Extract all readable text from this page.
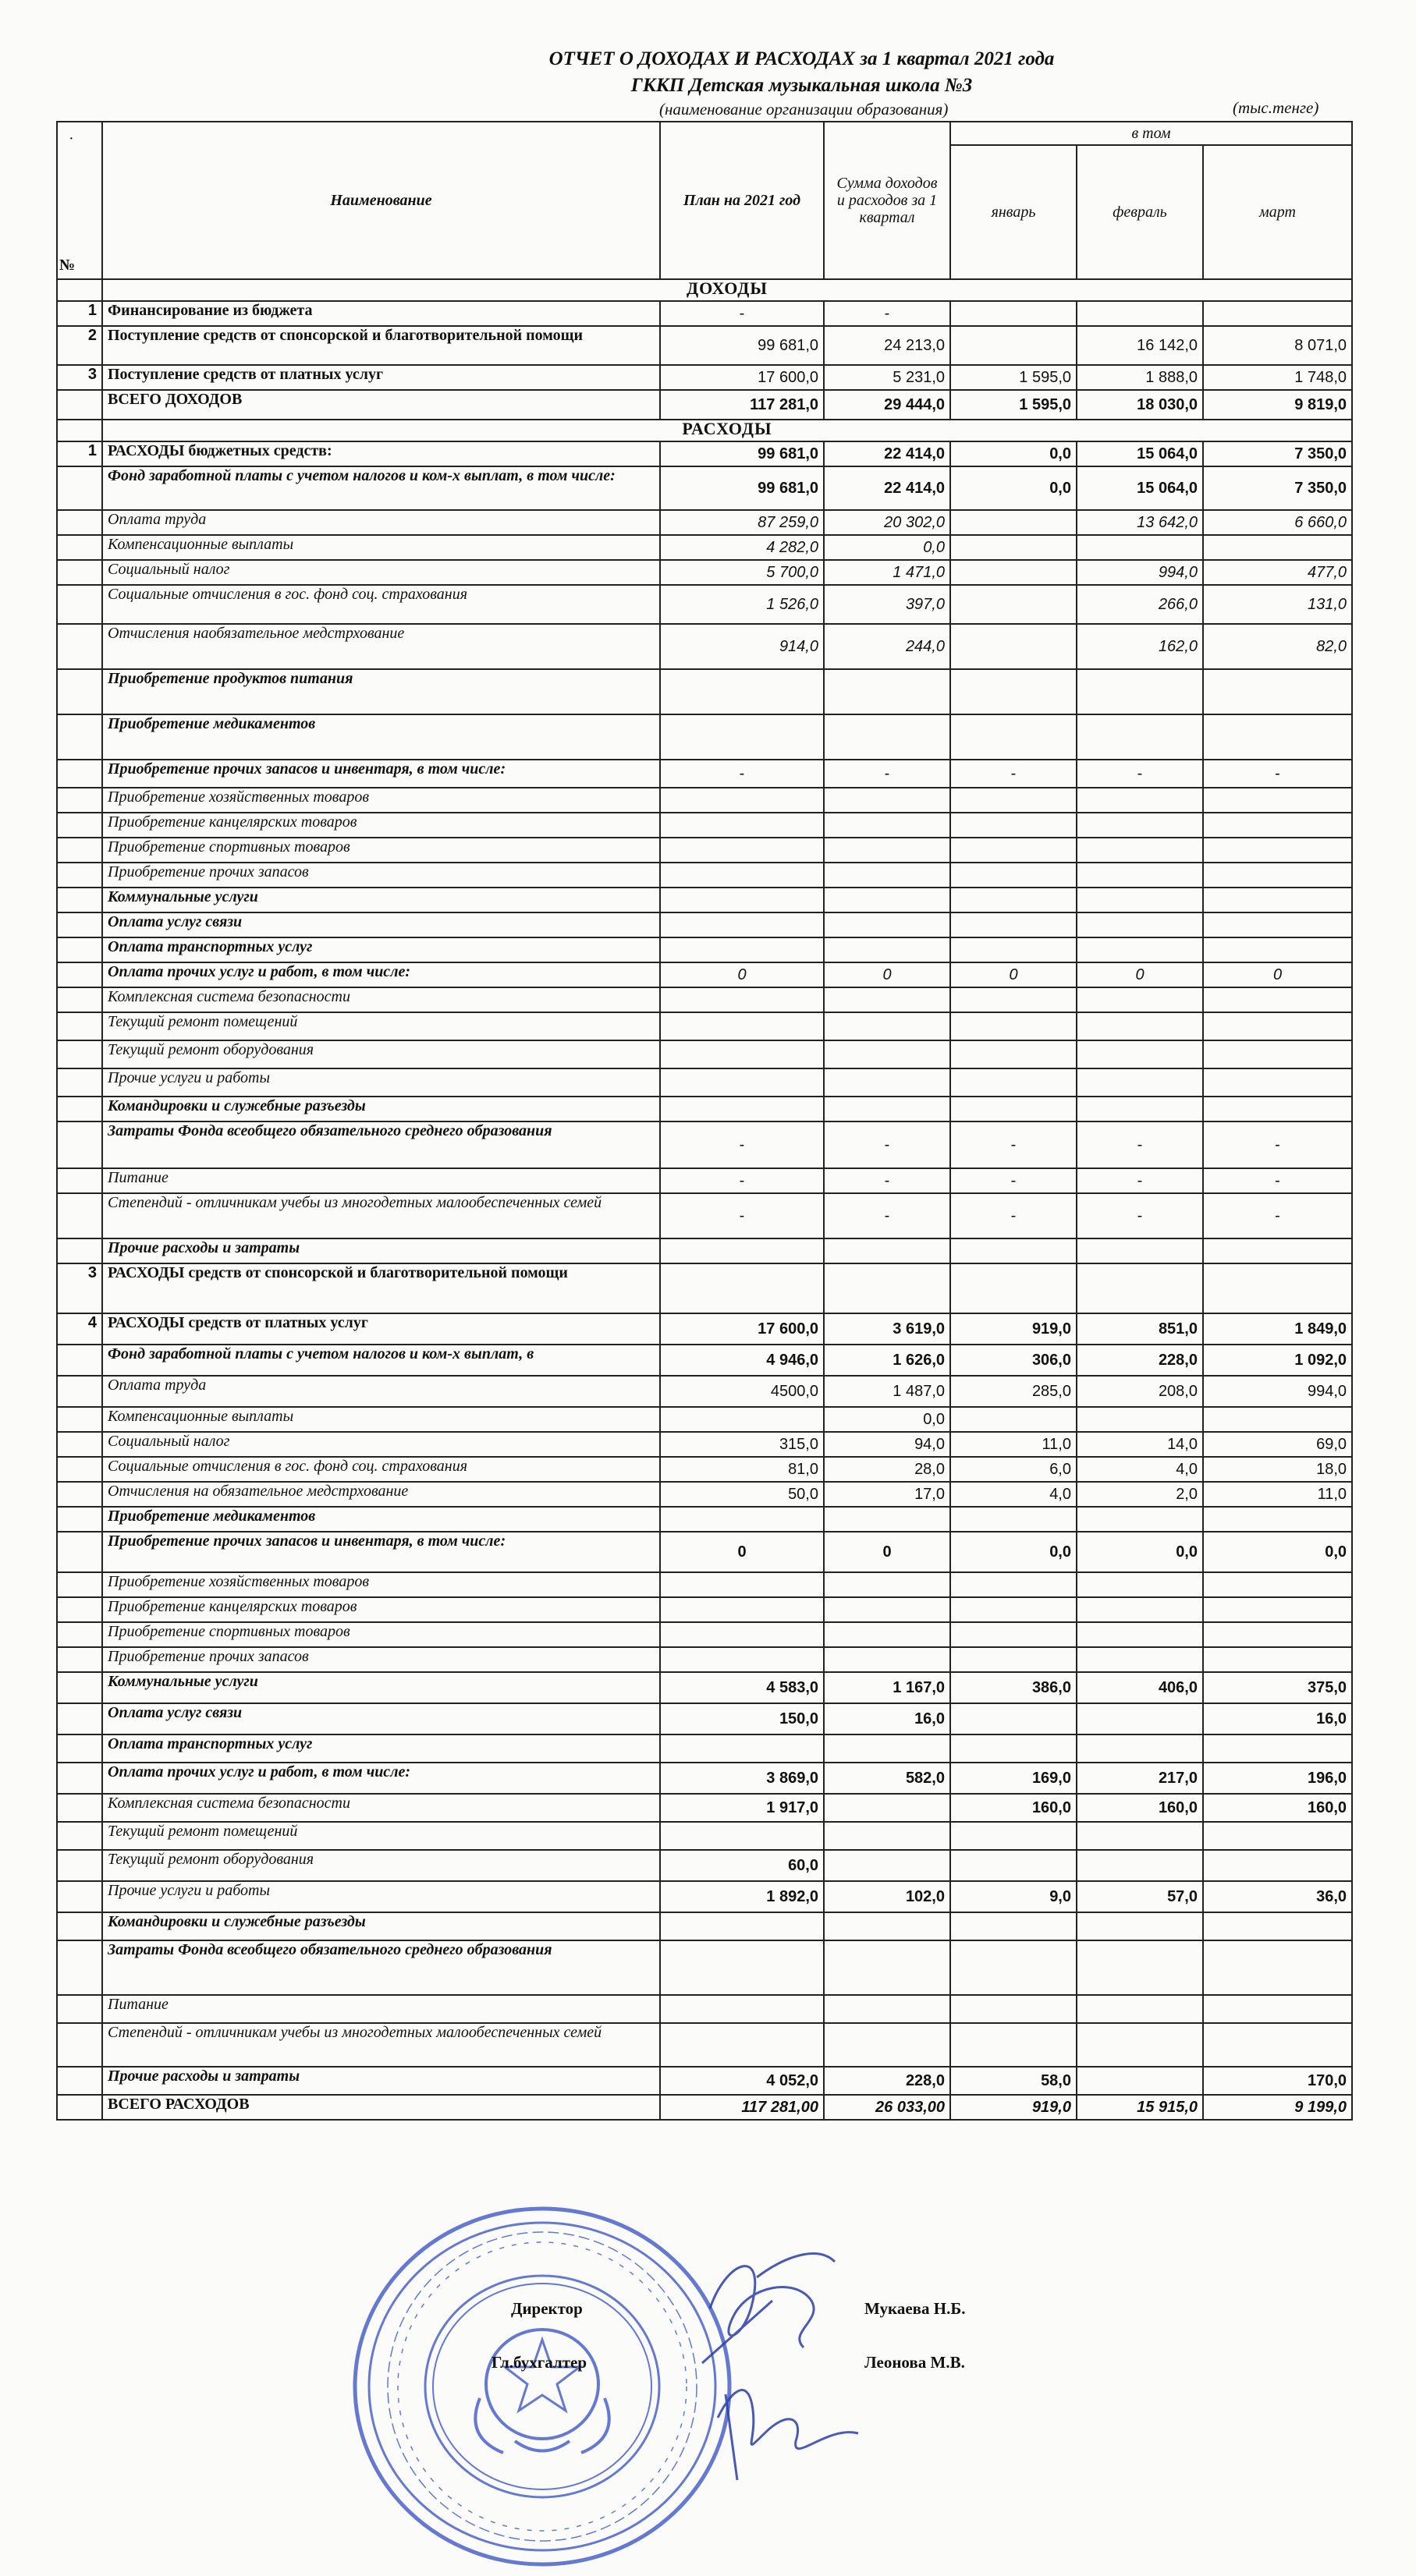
ОТЧЕТ О ДОХОДАХ И РАСХОДАХ за 1 квартал 2021 года
ГККП Детская музыкальная школа №3
(наименование организации образования)	(тыс.тенге)
·
№	Наименование	План на 2021 год	Сумма доходов и расходов за 1 квартал	в том		
				январь	февраль	март
	ДОХОДЫ					
1	Финансирование из бюджета	-	-			
2	Поступление средств от спонсорской и благотворительной помощи	99 681,0	24 213,0		16 142,0	8 071,0
3	Поступление средств от платных услуг	17 600,0	5 231,0	1 595,0	1 888,0	1 748,0
	ВСЕГО ДОХОДОВ	117 281,0	29 444,0	1 595,0	18 030,0	9 819,0
	РАСХОДЫ					
1	РАСХОДЫ бюджетных средств:	99 681,0	22 414,0	0,0	15 064,0	7 350,0
	Фонд заработной платы с учетом налогов и ком-х выплат, в том числе:	99 681,0	22 414,0	0,0	15 064,0	7 350,0
	Оплата труда	87 259,0	20 302,0		13 642,0	6 660,0
	Компенсационные выплаты	4 282,0	0,0			
	Социальный налог	5 700,0	1 471,0		994,0	477,0
	Социальные отчисления в гос. фонд соц. страхования	1 526,0	397,0		266,0	131,0
	Отчисления наобязательное медстрхование	914,0	244,0		162,0	82,0
	Приобретение продуктов питания					
	Приобретение медикаментов					
	Приобретение прочих запасов и инвентаря, в том числе:	-	-	-	-	-
	Приобретение хозяйственных товаров					
	Приобретение канцелярских товаров					
	Приобретение спортивных товаров					
	Приобретение прочих запасов					
	Коммунальные услуги					
	Оплата услуг связи					
	Оплата транспортных услуг					
	Оплата прочих услуг и работ, в том числе:	0	0	0	0	0
	Комплексная система безопасности					
	Текущий ремонт помещений					
	Текущий ремонт оборудования					
	Прочие услуги и работы					
	Командировки и служебные разъезды					
	Затраты Фонда всеобщего обязательного среднего образования	-	-	-	-	-
	Питание	-	-	-	-	-
	Степендий - отличникам учебы из многодетных малообеспеченных семей	-	-	-	-	-
	Прочие расходы и затраты					
3	РАСХОДЫ средств от спонсорской и благотворительной помощи					
4	РАСХОДЫ средств от платных услуг	17 600,0	3 619,0	919,0	851,0	1 849,0
	Фонд заработной платы с учетом налогов и ком-х выплат, в	4 946,0	1 626,0	306,0	228,0	1 092,0
	Оплата труда	4500,0	1 487,0	285,0	208,0	994,0
	Компенсационные выплаты		0,0			
	Социальный налог	315,0	94,0	11,0	14,0	69,0
	Социальные отчисления в гос. фонд соц. страхования	81,0	28,0	6,0	4,0	18,0
	Отчисления на обязательное медстрхование	50,0	17,0	4,0	2,0	11,0
	Приобретение медикаментов					
	Приобретение прочих запасов и инвентаря, в том числе:	0	0	0,0	0,0	0,0
	Приобретение хозяйственных товаров					
	Приобретение канцелярских товаров					
	Приобретение спортивных товаров					
	Приобретение прочих запасов					
	Коммунальные услуги	4 583,0	1 167,0	386,0	406,0	375,0
	Оплата услуг связи	150,0	16,0			16,0
	Оплата транспортных услуг					
	Оплата прочих услуг и работ, в том числе:	3 869,0	582,0	169,0	217,0	196,0
	Комплексная система безопасности	1 917,0		160,0	160,0	160,0
	Текущий ремонт помещений					
	Текущий ремонт оборудования	60,0				
	Прочие услуги и работы	1 892,0	102,0	9,0	57,0	36,0
	Командировки и служебные разъезды					
	Затраты Фонда всеобщего обязательного среднего образования					
	Питание					
	Степендий - отличникам учебы из многодетных малообеспеченных семей					
	Прочие расходы и затраты	4 052,0	228,0	58,0		170,0
	ВСЕГО РАСХОДОВ	117 281,00	26 033,00	919,0	15 915,0	9 199,0
Директор	Мукаева Н.Б.
Гл.бухгалтер	Леонова М.В.
